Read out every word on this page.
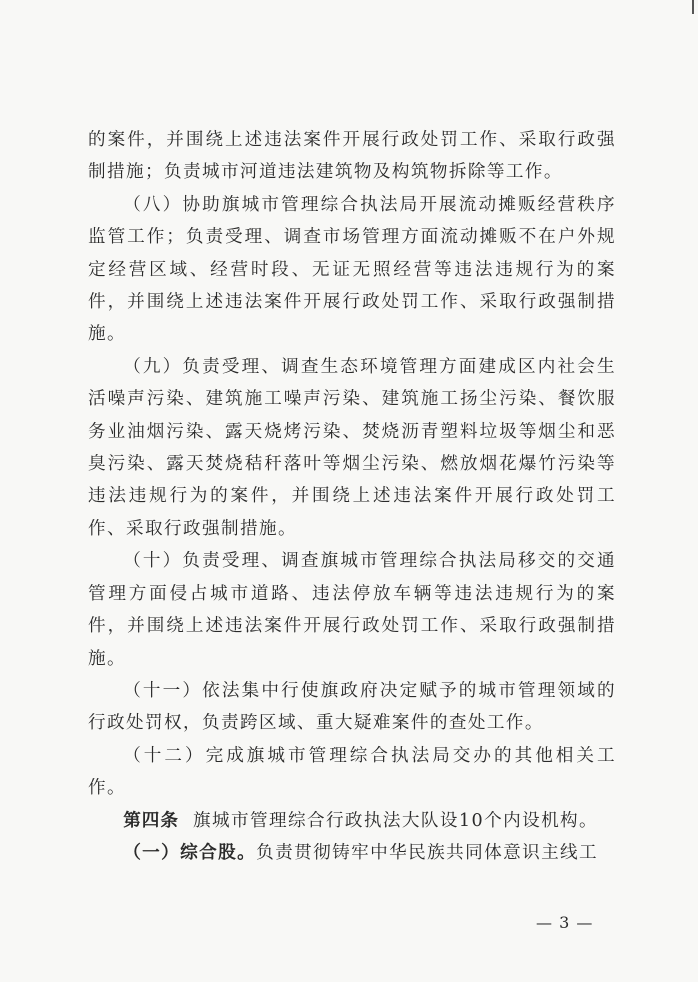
的案件，并围绕上述违法案件开展行政处罚工作、采取行政强制措施；负责城市河道违法建筑物及构筑物拆除等工作。

（八）协助旗城市管理综合执法局开展流动摊贩经营秩序监管工作；负责受理、调查市场管理方面流动摊贩不在户外规定经营区域、经营时段、无证无照经营等违法违规行为的案件，并围绕上述违法案件开展行政处罚工作、采取行政强制措施。

（九）负责受理、调查生态环境管理方面建成区内社会生活噪声污染、建筑施工噪声污染、建筑施工扬尘污染、餐饮服务业油烟污染、露天烧烤污染、焚烧沥青塑料垃圾等烟尘和恶臭污染、露天焚烧秸秆落叶等烟尘污染、燃放烟花爆竹污染等违法违规行为的案件，并围绕上述违法案件开展行政处罚工作、采取行政强制措施。

（十）负责受理、调查旗城市管理综合执法局移交的交通管理方面侵占城市道路、违法停放车辆等违法违规行为的案件，并围绕上述违法案件开展行政处罚工作、采取行政强制措施。

（十一）依法集中行使旗政府决定赋予的城市管理领域的行政处罚权，负责跨区域、重大疑难案件的查处工作。

（十二）完成旗城市管理综合执法局交办的其他相关工作。

第四条 旗城市管理综合行政执法大队设10个内设机构。

（一）综合股。负责贯彻铸牢中华民族共同体意识主线工

— 3 —
